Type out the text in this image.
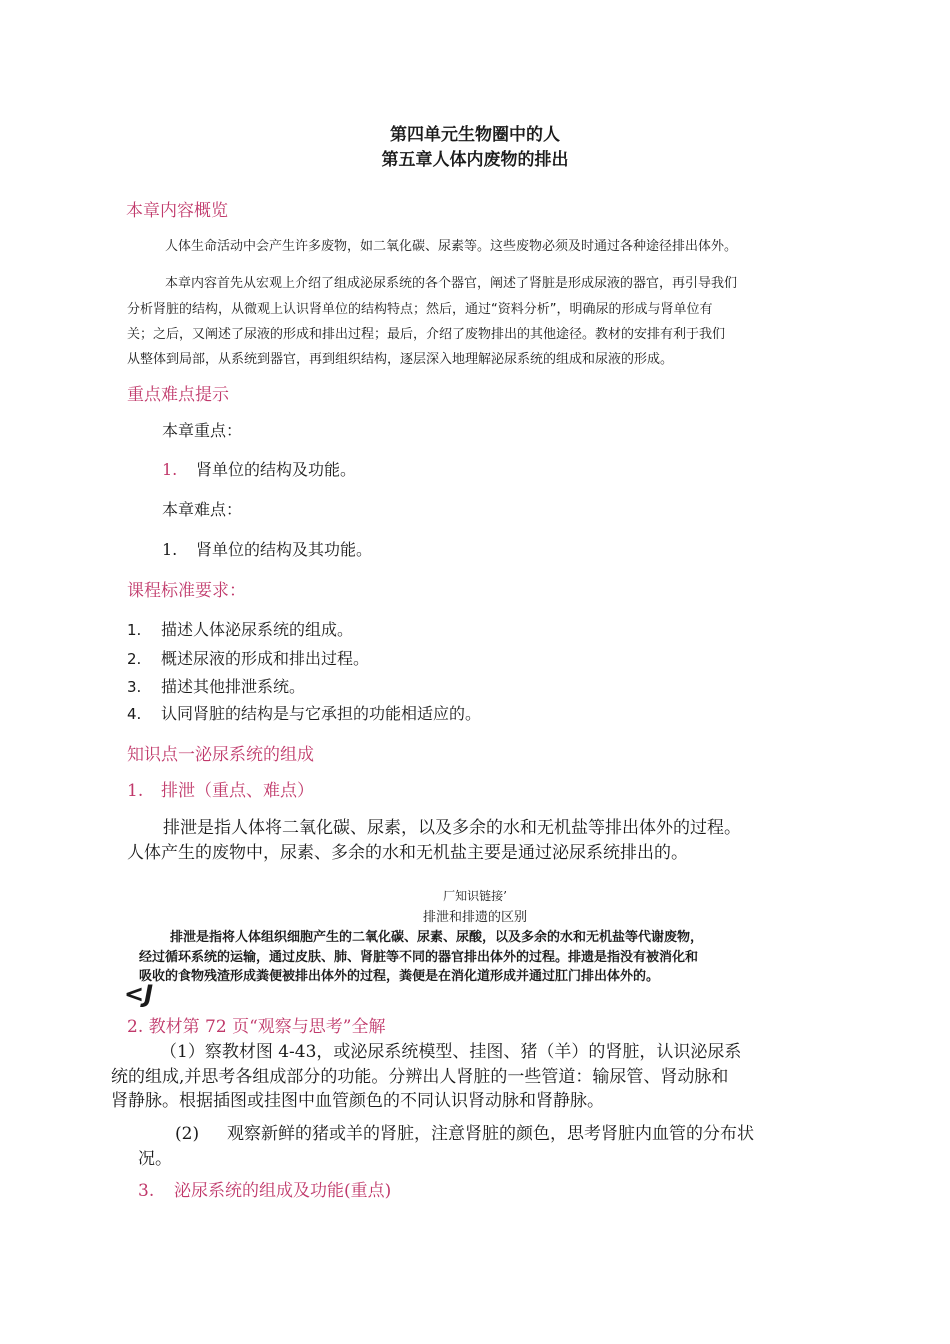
第四单元生物圈中的人
第五章人体内废物的排出
本章内容概览
人体生命活动中会产生许多废物，如二氧化碳、尿素等。这些废物必须及时通过各种途径排出体外。
本章内容首先从宏观上介绍了组成泌尿系统的各个器官，阐述了肾脏是形成尿液的器官，再引导我们
分析肾脏的结构，从微观上认识肾单位的结构特点；然后，通过“资料分析”，明确尿的形成与肾单位有
关；之后，又阐述了尿液的形成和排出过程；最后，介绍了废物排出的其他途径。教材的安排有利于我们
从整体到局部，从系统到器官，再到组织结构，逐层深入地理解泌尿系统的组成和尿液的形成。
重点难点提示
本章重点：
1. 肾单位的结构及功能。
本章难点：
1. 肾单位的结构及其功能。
课程标准要求：
1. 描述人体泌尿系统的组成。
2. 概述尿液的形成和排出过程。
3. 描述其他排泄系统。
4. 认同肾脏的结构是与它承担的功能相适应的。
知识点一泌尿系统的组成
1. 排泄（重点、难点）
排泄是指人体将二氧化碳、尿素，以及多余的水和无机盐等排出体外的过程。
人体产生的废物中，尿素、多余的水和无机盐主要是通过泌尿系统排出的。
厂知识链接’
排泄和排遗的区别
排泄是指将人体组织细胞产生的二氧化碳、尿素、尿酸，以及多余的水和无机盐等代谢废物，
经过循环系统的运输，通过皮肤、肺、肾脏等不同的器官排出体外的过程。排遗是指没有被消化和
吸收的食物残渣形成粪便被排出体外的过程，粪便是在消化道形成并通过肛门排出体外的。
<J
2. 教材第 72 页“观察与思考”全解
（1）察教材图 4-43，或泌尿系统模型、挂图、猪（羊）的肾脏，认识泌尿系
统的组成,并思考各组成部分的功能。分辨出人肾脏的一些管道：输尿管、肾动脉和
肾静脉。根据插图或挂图中血管颜色的不同认识肾动脉和肾静脉。
(2) 观察新鲜的猪或羊的肾脏，注意肾脏的颜色，思考肾脏内血管的分布状
况。
3. 泌尿系统的组成及功能(重点)
